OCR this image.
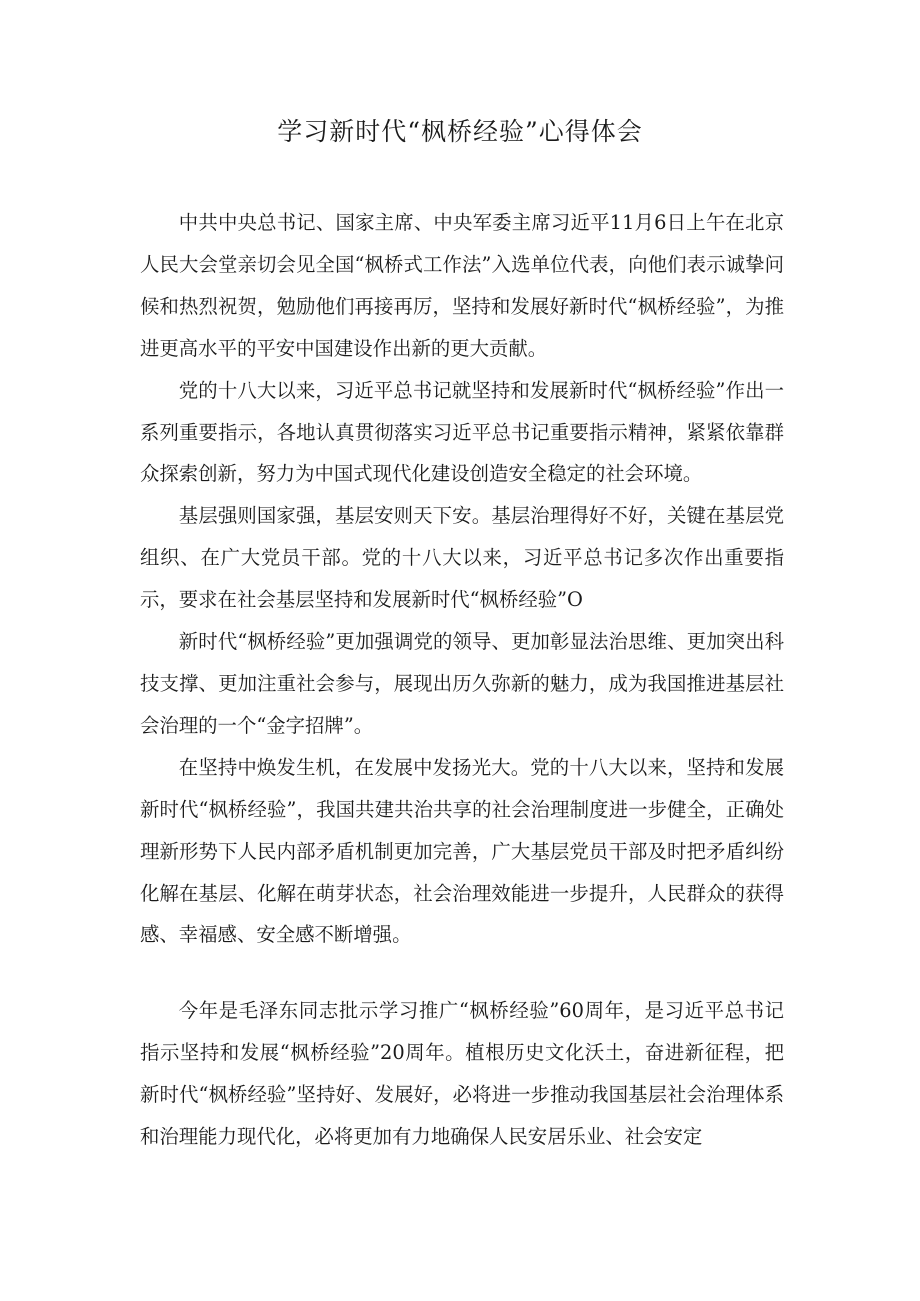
学习新时代“枫桥经验”心得体会

中共中央总书记、国家主席、中央军委主席习近平11月6日上午在北京人民大会堂亲切会见全国“枫桥式工作法”入选单位代表，向他们表示诚挚问候和热烈祝贺，勉励他们再接再厉，坚持和发展好新时代“枫桥经验”，为推进更高水平的平安中国建设作出新的更大贡献。

党的十八大以来，习近平总书记就坚持和发展新时代“枫桥经验”作出一系列重要指示，各地认真贯彻落实习近平总书记重要指示精神，紧紧依靠群众探索创新，努力为中国式现代化建设创造安全稳定的社会环境。

基层强则国家强，基层安则天下安。基层治理得好不好，关键在基层党组织、在广大党员干部。党的十八大以来，习近平总书记多次作出重要指示，要求在社会基层坚持和发展新时代“枫桥经验”O

新时代“枫桥经验”更加强调党的领导、更加彰显法治思维、更加突出科技支撑、更加注重社会参与，展现出历久弥新的魅力，成为我国推进基层社会治理的一个“金字招牌”。

在坚持中焕发生机，在发展中发扬光大。党的十八大以来，坚持和发展新时代“枫桥经验”，我国共建共治共享的社会治理制度进一步健全，正确处理新形势下人民内部矛盾机制更加完善，广大基层党员干部及时把矛盾纠纷化解在基层、化解在萌芽状态，社会治理效能进一步提升，人民群众的获得感、幸福感、安全感不断增强。

今年是毛泽东同志批示学习推广“枫桥经验”60周年，是习近平总书记指示坚持和发展“枫桥经验”20周年。植根历史文化沃土，奋进新征程，把新时代“枫桥经验”坚持好、发展好，必将进一步推动我国基层社会治理体系和治理能力现代化，必将更加有力地确保人民安居乐业、社会安定
